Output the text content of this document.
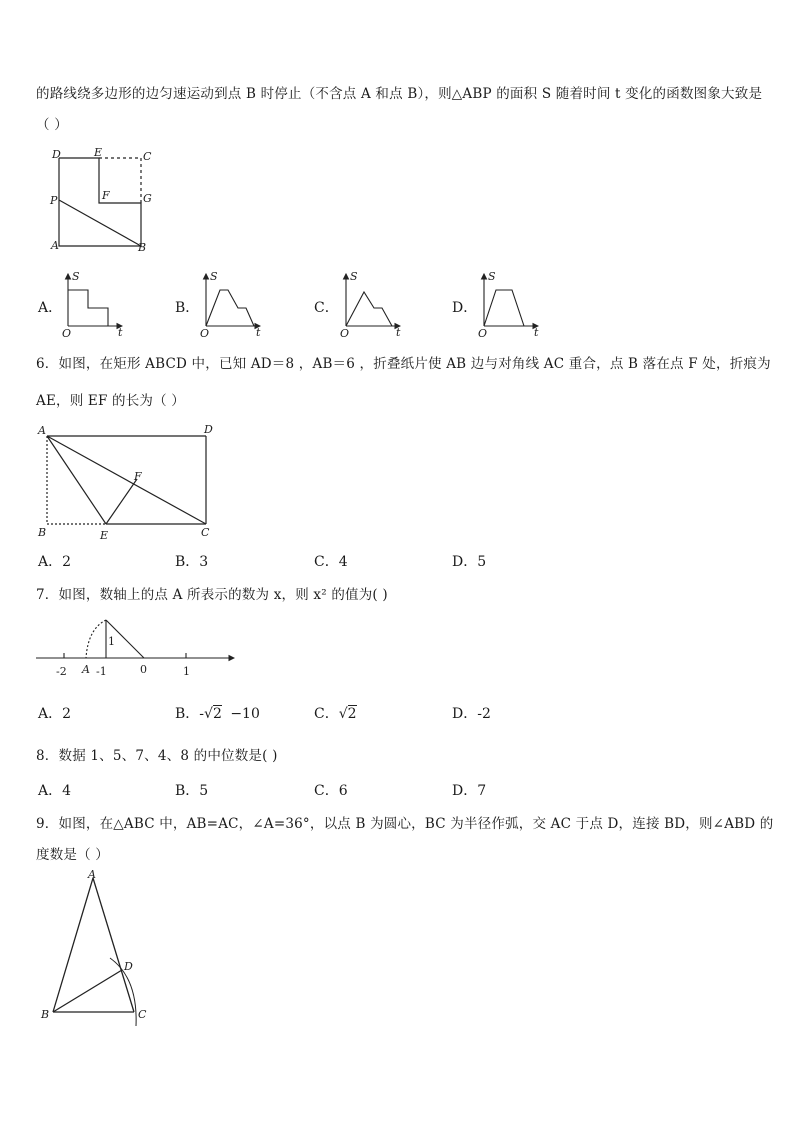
的路线绕多边形的边匀速运动到点 B 时停止（不含点 A 和点 B），则△ABP 的面积 S 随着时间 t 变化的函数图象大致是
（ ）
D	E	C
P	F	G
A	B
A．
S
t
O
B．
S
t
O
C．
S
t
O
D．
S
t
O
6．如图，在矩形 ABCD 中，已知 AD＝8 ，AB＝6 ，折叠纸片使 AB 边与对角线 AC 重合，点 B 落在点 F 处，折痕为
AE，则 EF 的长为（ ）
A	D
F
B	E	C
A．2	B．3	C．4	D．5
7．如图，数轴上的点 A 所表示的数为 x，则 x² 的值为( )
-2 A -1	0	1
1
A．2	B．-√2 −10	C．√2	D．-2
8．数据 1、5、7、4、8 的中位数是( )
A．4	B．5	C．6	D．7
9．如图，在△ABC 中，AB=AC，∠A=36°，以点 B 为圆心，BC 为半径作弧，交 AC 于点 D，连接 BD，则∠ABD 的
度数是（ ）
A
D
B	C
